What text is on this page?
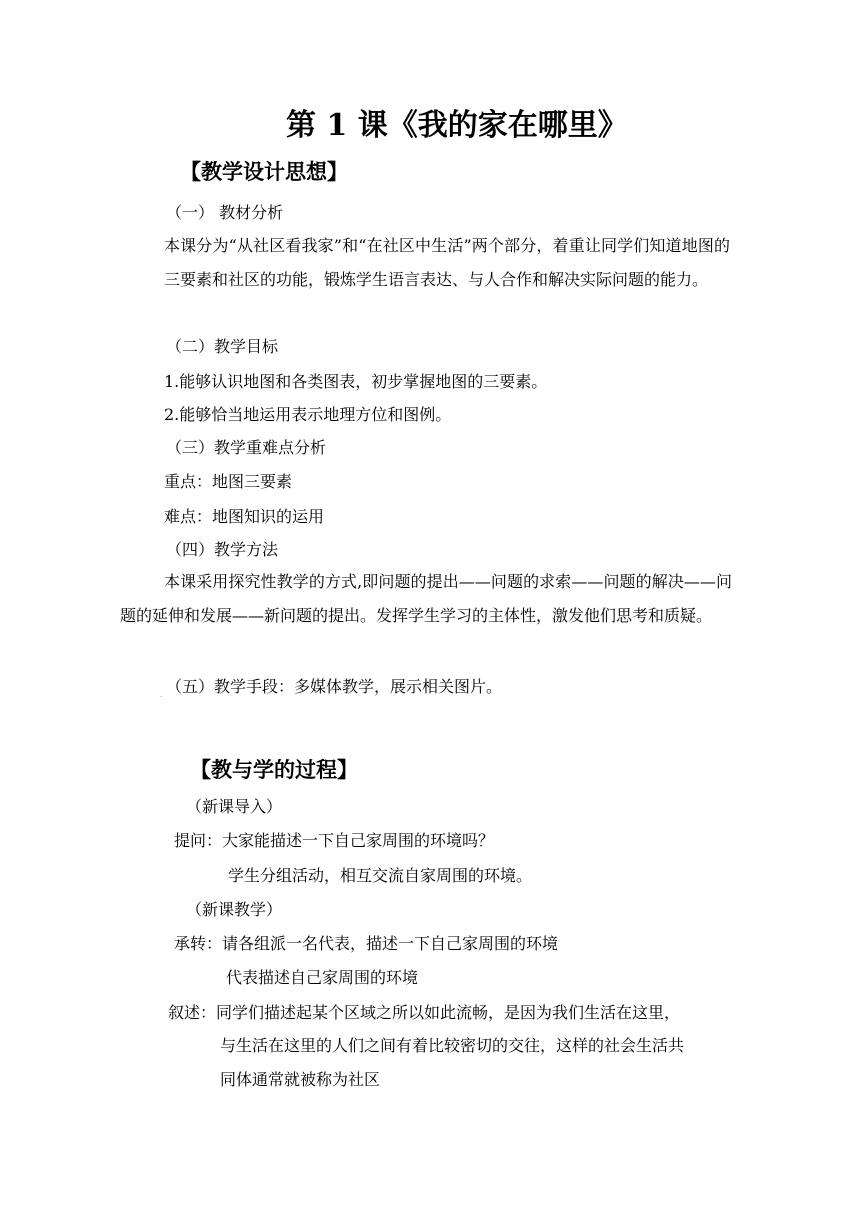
第 1 课《我的家在哪里》
【教学设计思想】
（一） 教材分析
本课分为“从社区看我家”和“在社区中生活”两个部分，着重让同学们知道地图的三要素和社区的功能，锻炼学生语言表达、与人合作和解决实际问题的能力。
（二）教学目标
1.能够认识地图和各类图表，初步掌握地图的三要素。
2.能够恰当地运用表示地理方位和图例。
（三）教学重难点分析
重点：地图三要素
难点：地图知识的运用
（四）教学方法
本课采用探究性教学的方式,即问题的提出——问题的求索——问题的解决——问题的延伸和发展——新问题的提出。发挥学生学习的主体性，激发他们思考和质疑。
. （五）教学手段：多媒体教学，展示相关图片。
【教与学的过程】
（新课导入）
提问：大家能描述一下自己家周围的环境吗？
学生分组活动，相互交流自家周围的环境。
（新课教学）
承转：请各组派一名代表，描述一下自己家周围的环境
代表描述自己家周围的环境
叙述：同学们描述起某个区域之所以如此流畅，是因为我们生活在这里，
与生活在这里的人们之间有着比较密切的交往，这样的社会生活共
同体通常就被称为社区
